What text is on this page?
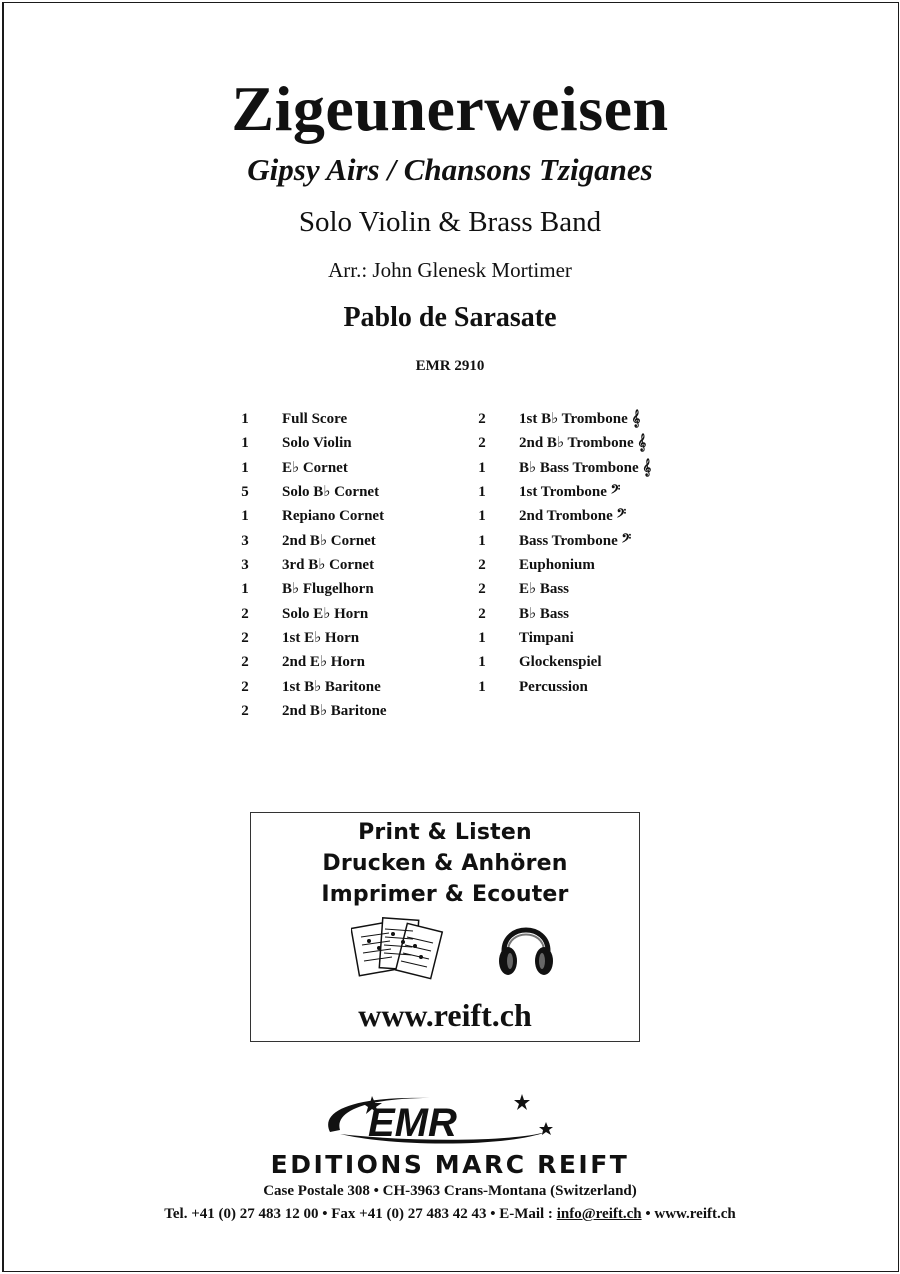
Zigeunerweisen
Gipsy Airs / Chansons Tziganes
Solo Violin & Brass Band
Arr.: John Glenesk Mortimer
Pablo de Sarasate
EMR 2910
1	Full Score
1	Solo Violin
1	E♭ Cornet
5	Solo B♭ Cornet
1	Repiano Cornet
3	2nd B♭ Cornet
3	3rd B♭ Cornet
1	B♭ Flugelhorn
2	Solo E♭ Horn
2	1st E♭ Horn
2	2nd E♭ Horn
2	1st B♭ Baritone
2	2nd B♭ Baritone
2	1st B♭ Trombone 𝄞
2	2nd B♭ Trombone 𝄞
1	B♭ Bass Trombone 𝄞
1	1st Trombone 𝄢
1	2nd Trombone 𝄢
1	Bass Trombone 𝄢
2	Euphonium
2	E♭ Bass
2	B♭ Bass
1	Timpani
1	Glockenspiel
1	Percussion
Print & Listen
Drucken & Anhören
Imprimer & Ecouter
www.reift.ch
EMR
EDITIONS MARC REIFT
Case Postale 308 • CH-3963 Crans-Montana (Switzerland)
Tel. +41 (0) 27 483 12 00 • Fax +41 (0) 27 483 42 43 • E-Mail : info@reift.ch • www.reift.ch
